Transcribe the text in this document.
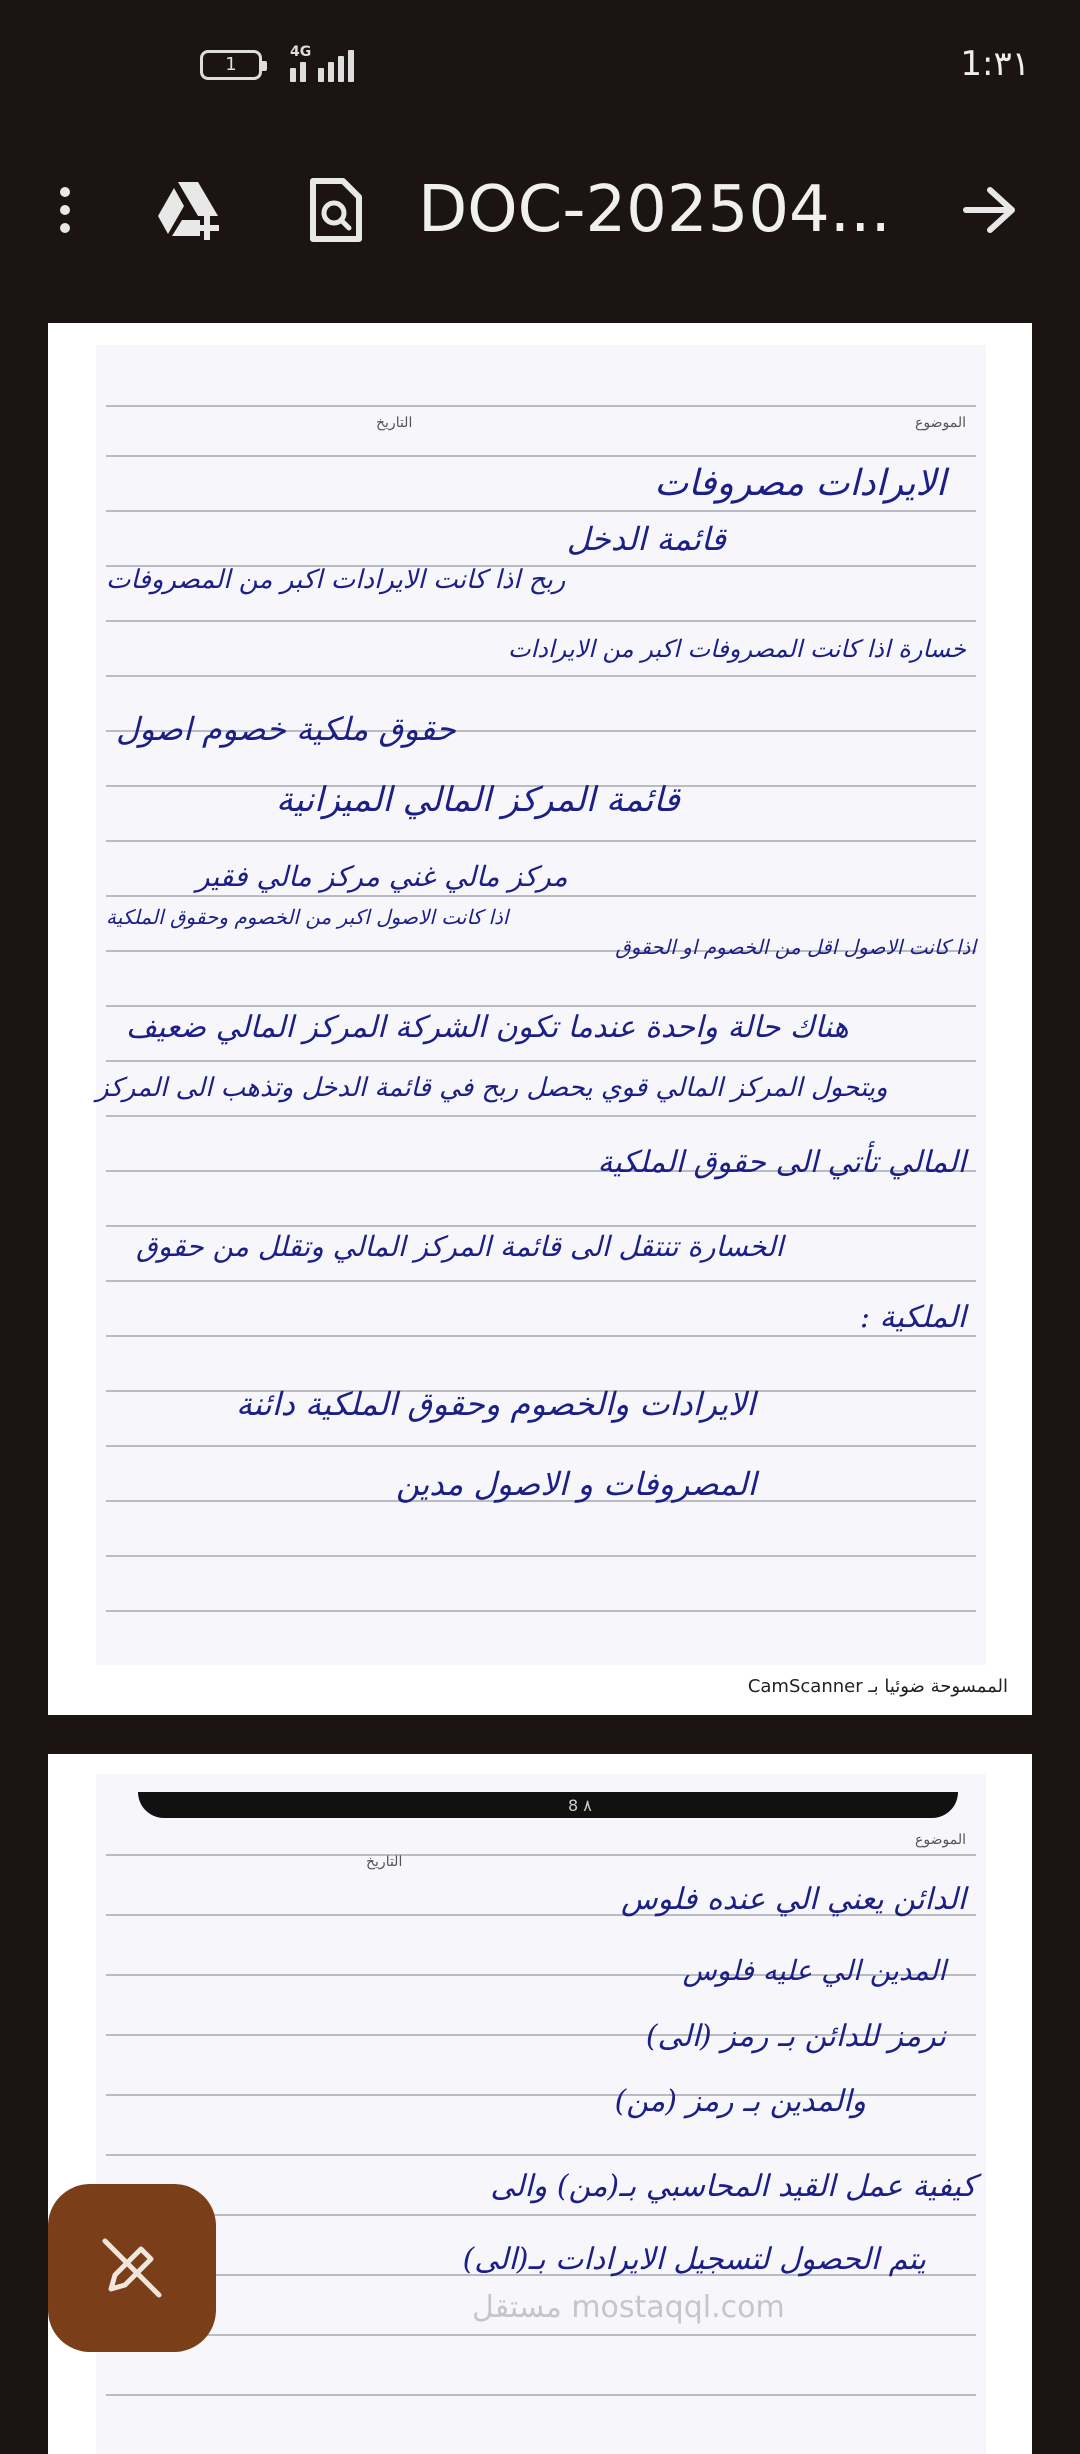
1
4G	1:٣١
DOC-202504...
التاريخ	الموضوع
الايرادات مصروفات
قائمة الدخل
ربح اذا كانت الايرادات اكبر من المصروفات
خسارة اذا كانت المصروفات اكبر من الايرادات
حقوق ملكية خصوم اصول
قائمة المركز المالي الميزانية
مركز مالي غني مركز مالي فقير
اذا كانت الاصول اكبر من الخصوم وحقوق الملكية
اذا كانت الاصول اقل من الخصوم او الحقوق
هناك حالة واحدة عندما تكون الشركة المركز المالي ضعيف
ويتحول المركز المالي قوي يحصل ربح في قائمة الدخل وتذهب الى المركز
المالي تأتي الى حقوق الملكية
الخسارة تنتقل الى قائمة المركز المالي وتقلل من حقوق
الملكية :
الايرادات والخصوم وحقوق الملكية دائنة
المصروفات و الاصول مدين
الممسوحة ضوئيا بـ CamScanner
التاريخ
الموضوع
الدائن يعني الي عنده فلوس
المدين الي عليه فلوس
نرمز للدائن بـ رمز (الى)
والمدين بـ رمز (من)
كيفية عمل القيد المحاسبي بـ(من) والى
يتم الحصول لتسجيل الايرادات بـ(الى)
8 ٨
مستقل mostaqql.com
